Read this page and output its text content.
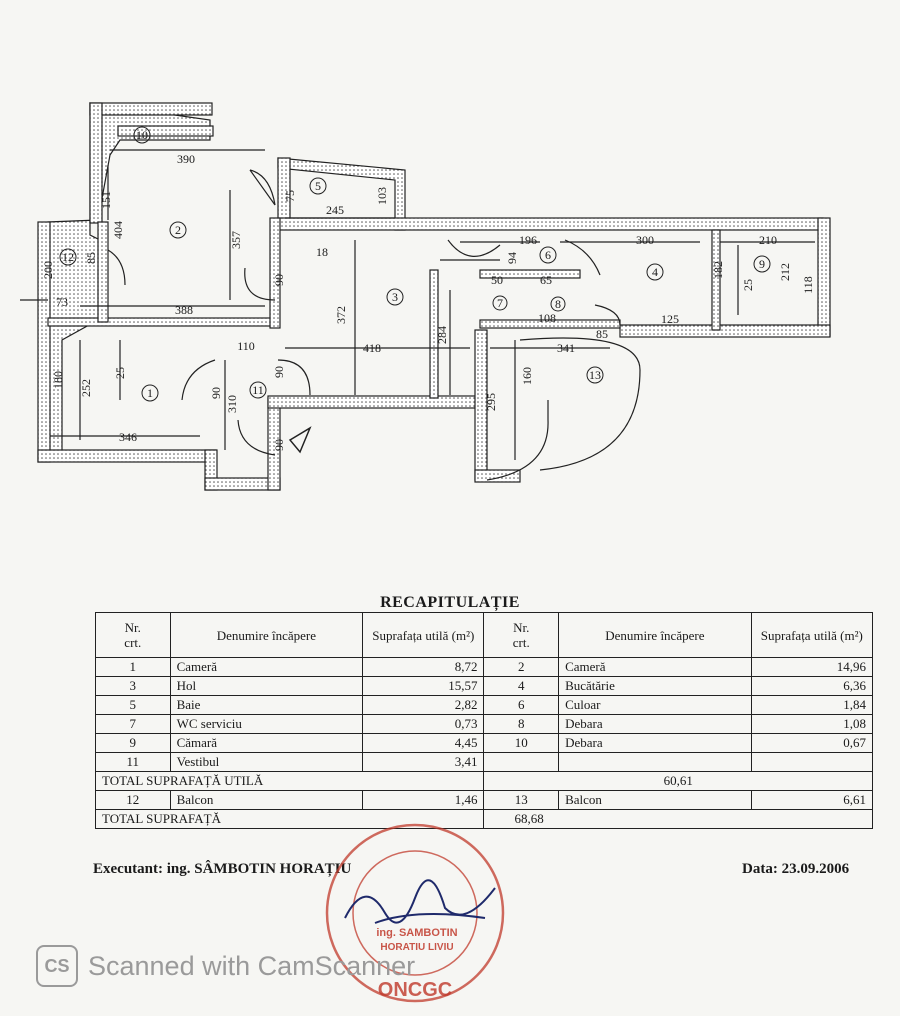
1
2
3
4
5
6
7	8
9
10
11
12
13
390
151
404
357
75	103
245
18
90
85
200
73
388	372
196	300	210
94
50	65
182
25
212
118
108
85
125
284
110	418	341
90
180 252
25
90
310
160
295
346
90
RECAPITULAȚIE
Nr.
crt.	Denumire încăpere	Suprafața utilă (m²)	Nr.
crt.	Denumire încăpere	Suprafața utilă (m²)
1	Cameră	8,72	2	Cameră	14,96
3	Hol	15,57	4	Bucătărie	6,36
5	Baie	2,82	6	Culoar	1,84
7	WC serviciu	0,73	8	Debara	1,08
9	Cămară	4,45	10	Debara	0,67
11	Vestibul	3,41			
TOTAL SUPRAFAȚĂ UTILĂ			60,61		
12	Balcon	1,46	13	Balcon	6,61
TOTAL SUPRAFAȚĂ			68,68		
Executant: ing. SÂMBOTIN HORAȚIU	Data: 23.09.2006
ONCGC
ing. SAMBOTIN
HORATIU LIVIU
CS Scanned with CamScanner
